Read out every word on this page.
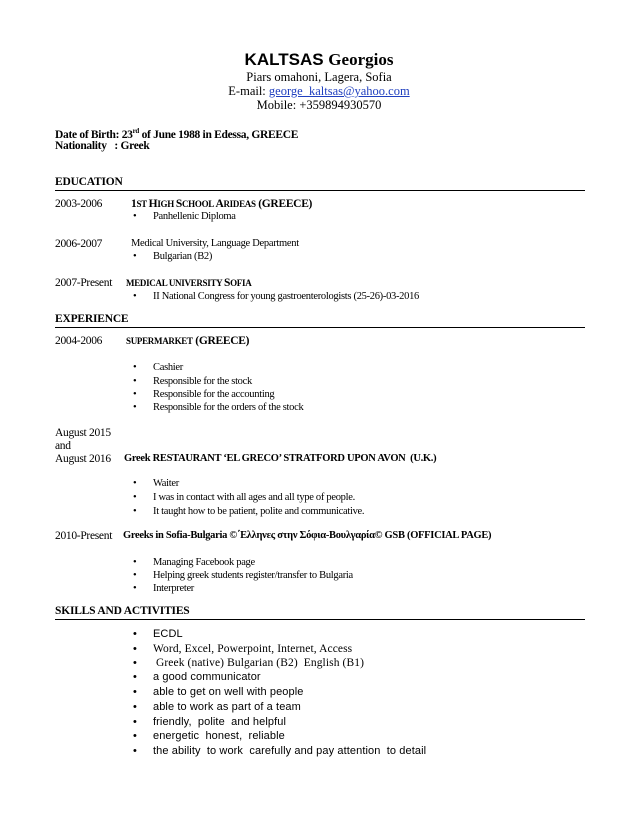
KALTSAS Georgios
Piars omahoni, Lagera, Sofia
E-mail: george_kaltsas@yahoo.com
Mobile: +359894930570
Date of Birth: 23rd of June 1988 in Edessa, GREECE
Nationality   : Greek
EDUCATION
2003-2006	1ST HIGH SCHOOL ARIDEAS (GREECE)
• Panhellenic Diploma
2006-2007	Medical University, Language Department
• Bulgarian (B2)
2007-Present MEDICAL UNIVERSITY SOFIA
• II National Congress for young gastroenterologists (25-26)-03-2016
EXPERIENCE
2004-2006	SUPERMARKET (GREECE)
• Cashier
• Responsible for the stock
• Responsible for the accounting
• Responsible for the orders of the stock
August 2015
and
August 2016 Greek RESTAURANT ‘EL GRECO’ STRATFORD UPON AVON  (U.K.)
• Waiter
• I was in contact with all ages and all type of people.
• It taught how to be patient, polite and communicative.
2010-Present Greeks in Sofia-Bulgaria ©΄Ελληνες στην Σόφια-Βουλγαρία© GSB (OFFICIAL PAGE)
• Managing Facebook page
• Helping greek students register/transfer to Bulgaria
• Interpreter
SKILLS AND ACTIVITIES
• ECDL
• Word, Excel, Powerpoint, Internet, Access
• Greek (native) Bulgarian (B2)  English (B1)
• a good communicator
• able to get on well with people
• able to work as part of a team
• friendly,  polite  and helpful
• energetic  honest,  reliable
• the ability  to work  carefully and pay attention  to detail
